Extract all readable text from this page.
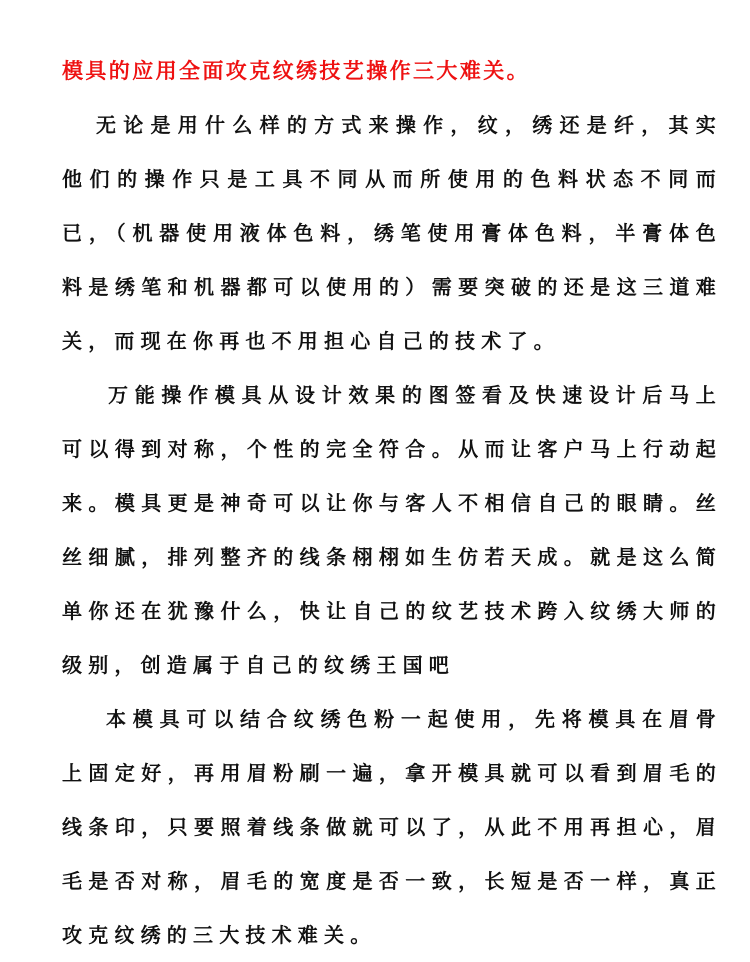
模具的应用全面攻克纹绣技艺操作三大难关。

无论是用什么样的方式来操作，纹，绣还是纤，其实他们的操作只是工具不同从而所使用的色料状态不同而已，（机器使用液体色料，绣笔使用膏体色料，半膏体色料是绣笔和机器都可以使用的）需要突破的还是这三道难关，而现在你再也不用担心自己的技术了。

万能操作模具从设计效果的图签看及快速设计后马上可以得到对称，个性的完全符合。从而让客户马上行动起来。模具更是神奇可以让你与客人不相信自己的眼睛。丝丝细腻，排列整齐的线条栩栩如生仿若天成。就是这么简单你还在犹豫什么，快让自己的纹艺技术跨入纹绣大师的级别，创造属于自己的纹绣王国吧

本模具可以结合纹绣色粉一起使用，先将模具在眉骨上固定好，再用眉粉刷一遍，拿开模具就可以看到眉毛的线条印，只要照着线条做就可以了，从此不用再担心，眉毛是否对称，眉毛的宽度是否一致，长短是否一样，真正攻克纹绣的三大技术难关。
